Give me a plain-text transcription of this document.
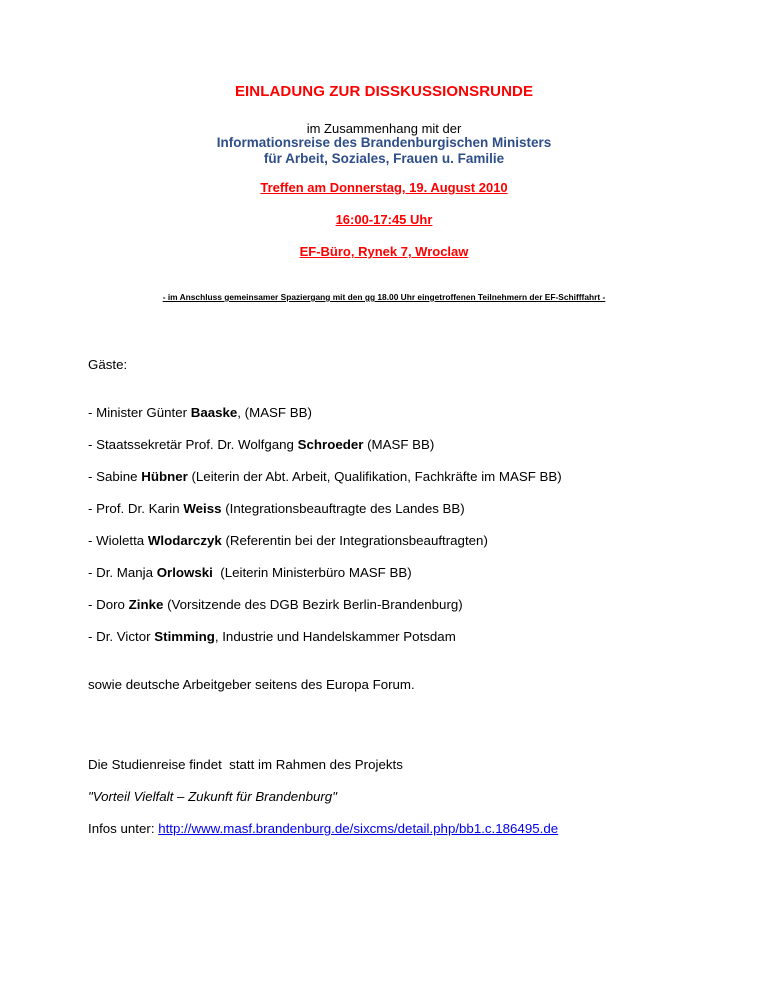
EINLADUNG ZUR DISSKUSSIONSRUNDE
im Zusammenhang mit der
Informationsreise des Brandenburgischen Ministers
für Arbeit, Soziales, Frauen u. Familie
Treffen am Donnerstag, 19. August 2010
16:00-17:45 Uhr
EF-Büro, Rynek 7, Wroclaw
- im Anschluss gemeinsamer Spaziergang mit den gg 18.00 Uhr eingetroffenen Teilnehmern der EF-Schifffahrt -
Gäste:
- Minister Günter Baaske, (MASF BB)
- Staatssekretär Prof. Dr. Wolfgang Schroeder (MASF BB)
- Sabine Hübner (Leiterin der Abt. Arbeit, Qualifikation, Fachkräfte im MASF BB)
- Prof. Dr. Karin Weiss (Integrationsbeauftragte des Landes BB)
- Wioletta Wlodarczyk (Referentin bei der Integrationsbeauftragten)
- Dr. Manja Orlowski  (Leiterin Ministerbüro MASF BB)
- Doro Zinke (Vorsitzende des DGB Bezirk Berlin-Brandenburg)
- Dr. Victor Stimming, Industrie und Handelskammer Potsdam
sowie deutsche Arbeitgeber seitens des Europa Forum.
Die Studienreise findet  statt im Rahmen des Projekts
"Vorteil Vielfalt – Zukunft für Brandenburg"
Infos unter: http://www.masf.brandenburg.de/sixcms/detail.php/bb1.c.186495.de
